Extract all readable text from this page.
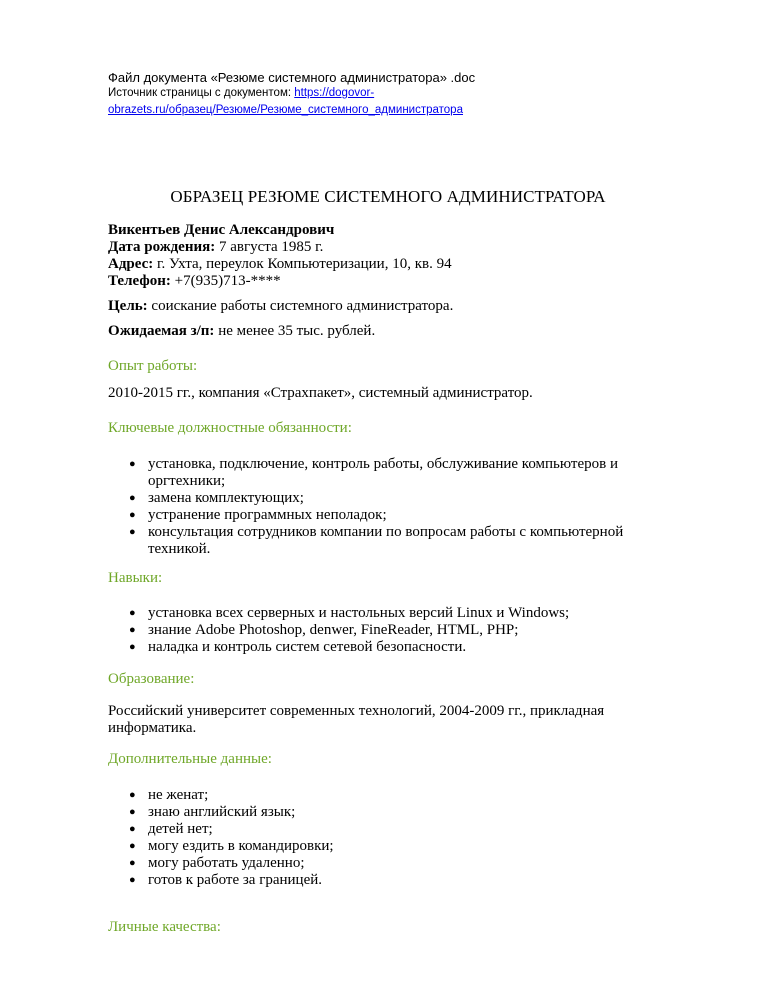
Файл документа «Резюме системного администратора» .doc
Источник страницы с документом: https://dogovor-
obrazets.ru/образец/Резюме/Резюме_системного_администратора
ОБРАЗЕЦ РЕЗЮМЕ СИСТЕМНОГО АДМИНИСТРАТОРА
Викентьев Денис Александрович
Дата рождения: 7 августа 1985 г.
Адрес: г. Ухта, переулок Компьютеризации, 10, кв. 94
Телефон: +7(935)713-****
Цель: соискание работы системного администратора.
Ожидаемая з/п: не менее 35 тыс. рублей.
Опыт работы:
2010-2015 гг., компания «Страхпакет», системный администратор.
Ключевые должностные обязанности:
● установка, подключение, контроль работы, обслуживание компьютеров и
оргтехники;
● замена комплектующих;
● устранение программных неполадок;
● консультация сотрудников компании по вопросам работы с компьютерной
техникой.
Навыки:
● установка всех серверных и настольных версий Linux и Windows;
● знание Adobe Photoshop, denwer, FineReader, HTML, PHP;
● наладка и контроль систем сетевой безопасности.
Образование:
Российский университет современных технологий, 2004-2009 гг., прикладная
информатика.
Дополнительные данные:
● не женат;
● знаю английский язык;
● детей нет;
● могу ездить в командировки;
● могу работать удаленно;
● готов к работе за границей.
Личные качества:
